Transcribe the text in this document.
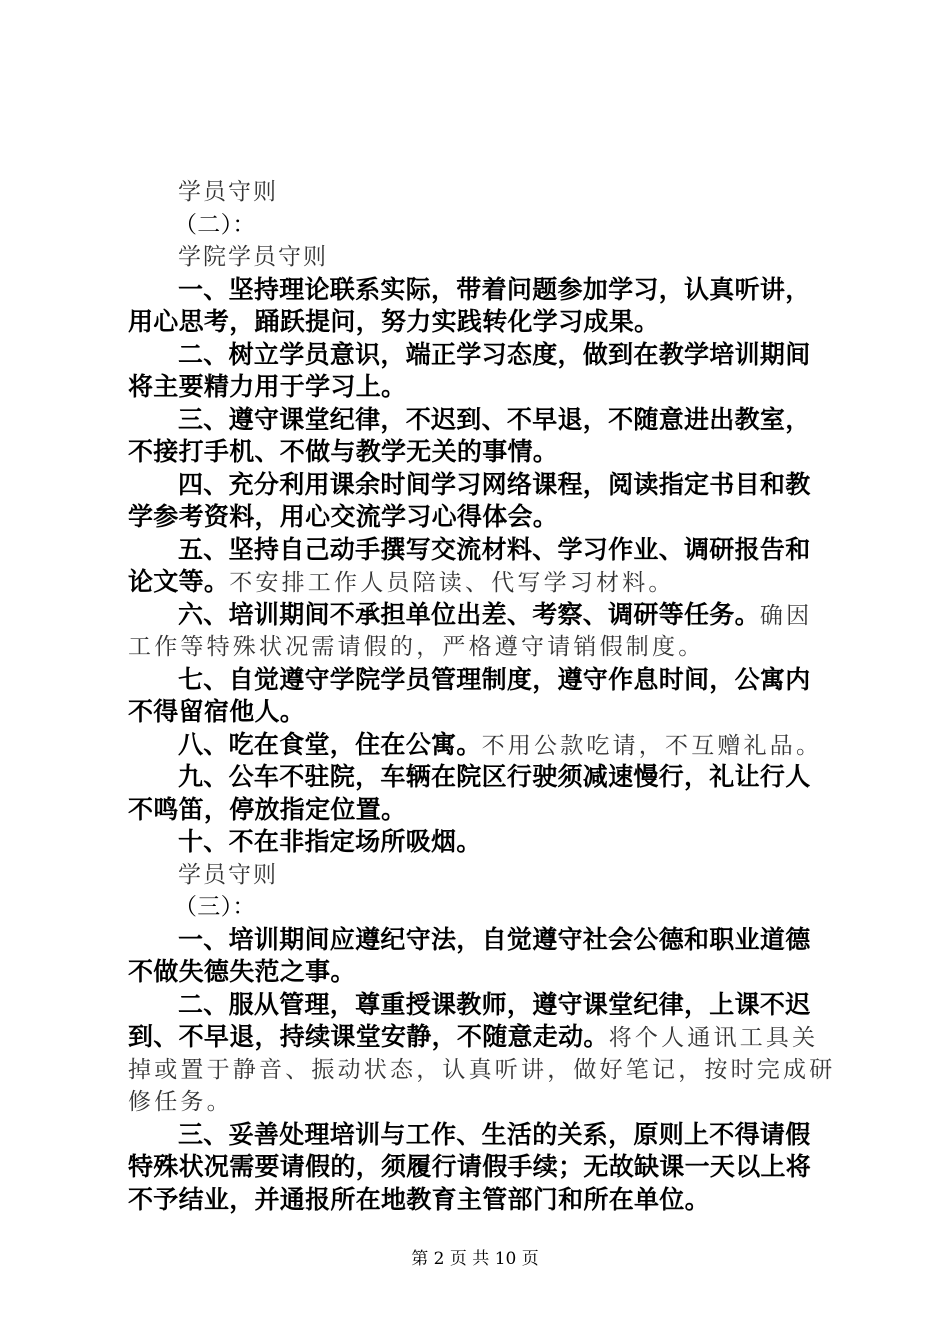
学员守则
（二）：
学院学员守则
一、坚持理论联系实际，带着问题参加学习，认真听讲，
用心思考，踊跃提问，努力实践转化学习成果。
二、树立学员意识，端正学习态度，做到在教学培训期间
将主要精力用于学习上。
三、遵守课堂纪律，不迟到、不早退，不随意进出教室，
不接打手机、不做与教学无关的事情。
四、充分利用课余时间学习网络课程，阅读指定书目和教
学参考资料，用心交流学习心得体会。
五、坚持自己动手撰写交流材料、学习作业、调研报告和
论文等。不安排工作人员陪读、代写学习材料。
六、培训期间不承担单位出差、考察、调研等任务。确因
工作等特殊状况需请假的，严格遵守请销假制度。
七、自觉遵守学院学员管理制度，遵守作息时间，公寓内
不得留宿他人。
八、吃在食堂，住在公寓。不用公款吃请，不互赠礼品。
九、公车不驻院，车辆在院区行驶须减速慢行，礼让行人
不鸣笛，停放指定位置。
十、不在非指定场所吸烟。
学员守则
（三）：
一、培训期间应遵纪守法，自觉遵守社会公德和职业道德
不做失德失范之事。
二、服从管理，尊重授课教师，遵守课堂纪律，上课不迟
到、不早退，持续课堂安静，不随意走动。将个人通讯工具关
掉或置于静音、振动状态，认真听讲，做好笔记，按时完成研
修任务。
三、妥善处理培训与工作、生活的关系，原则上不得请假
特殊状况需要请假的，须履行请假手续；无故缺课一天以上将
不予结业，并通报所在地教育主管部门和所在单位。
第 2 页 共 10 页
